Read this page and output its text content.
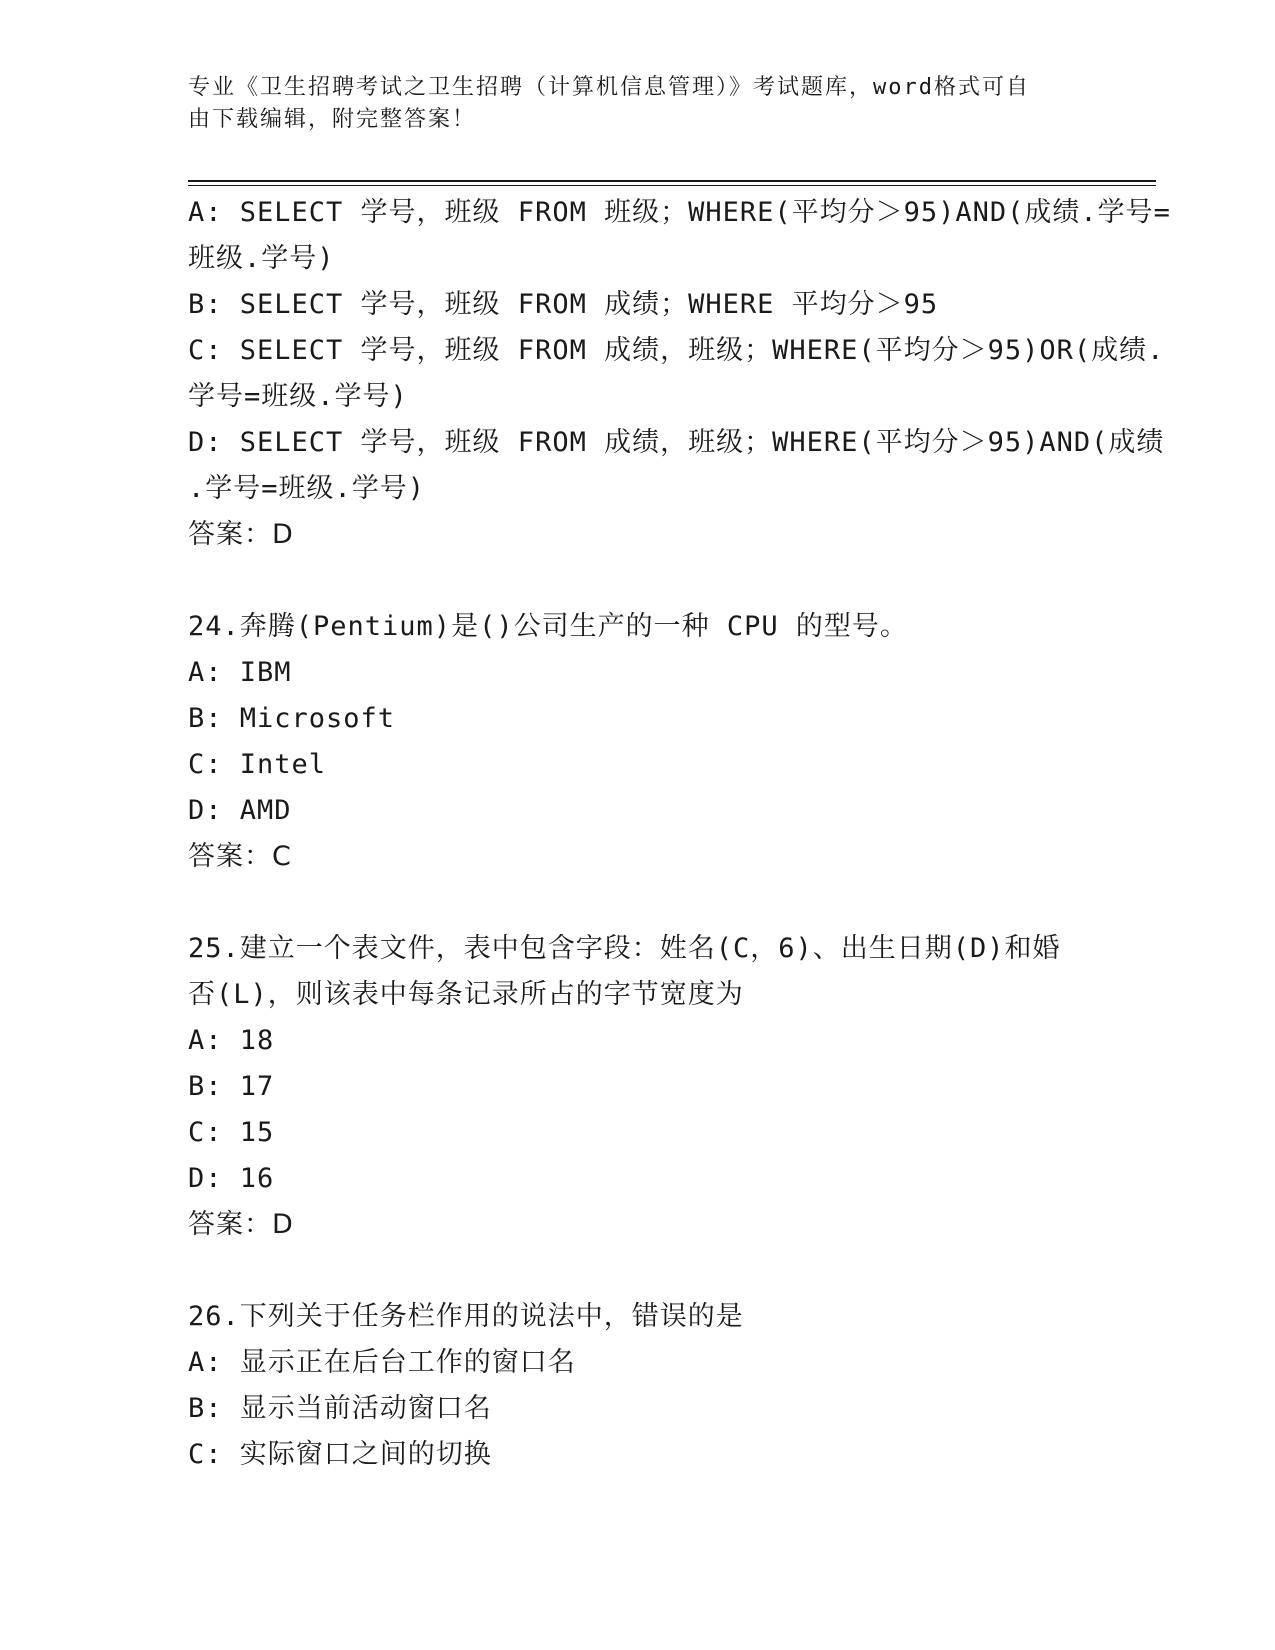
专业《卫生招聘考试之卫生招聘（计算机信息管理）》考试题库，word格式可自
由下载编辑，附完整答案！
A: SELECT 学号，班级 FROM 班级；WHERE(平均分＞95)AND(成绩.学号=
班级.学号)
B: SELECT 学号，班级 FROM 成绩；WHERE 平均分＞95
C: SELECT 学号，班级 FROM 成绩，班级；WHERE(平均分＞95)OR(成绩.
学号=班级.学号)
D: SELECT 学号，班级 FROM 成绩，班级；WHERE(平均分＞95)AND(成绩
.学号=班级.学号)
答案：D
24.奔腾(Pentium)是()公司生产的一种 CPU 的型号。
A: IBM
B: Microsoft
C: Intel
D: AMD
答案：C
25.建立一个表文件，表中包含字段：姓名(C，6)、出生日期(D)和婚
否(L)，则该表中每条记录所占的字节宽度为
A: 18
B: 17
C: 15
D: 16
答案：D
26.下列关于任务栏作用的说法中，错误的是
A: 显示正在后台工作的窗口名
B: 显示当前活动窗口名
C: 实际窗口之间的切换
